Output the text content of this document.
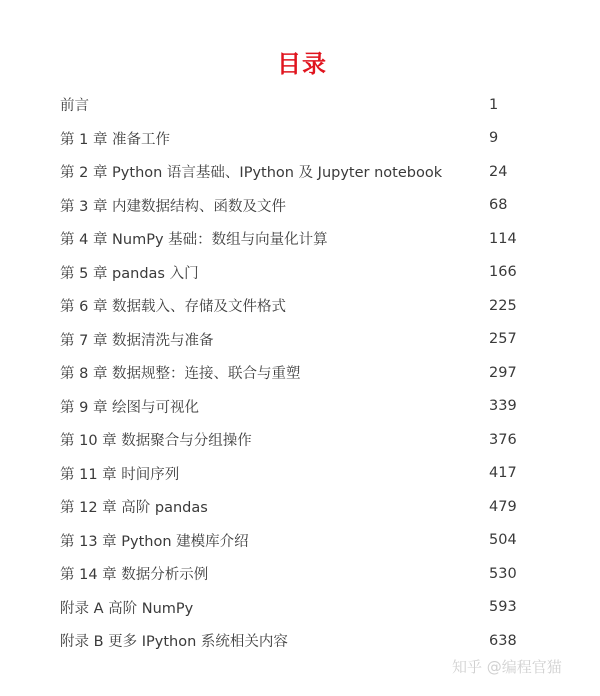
目录
前言	1
第 1 章 准备工作	9
第 2 章 Python 语言基础、IPython 及 Jupyter notebook	24
第 3 章 内建数据结构、函数及文件	68
第 4 章 NumPy 基础：数组与向量化计算	114
第 5 章 pandas 入门	166
第 6 章 数据载入、存储及文件格式	225
第 7 章 数据清洗与准备	257
第 8 章 数据规整：连接、联合与重塑	297
第 9 章 绘图与可视化	339
第 10 章 数据聚合与分组操作	376
第 11 章 时间序列	417
第 12 章 高阶 pandas	479
第 13 章 Python 建模库介绍	504
第 14 章 数据分析示例	530
附录 A 高阶 NumPy	593
附录 B 更多 IPython 系统相关内容	638
知乎 @编程官猫
